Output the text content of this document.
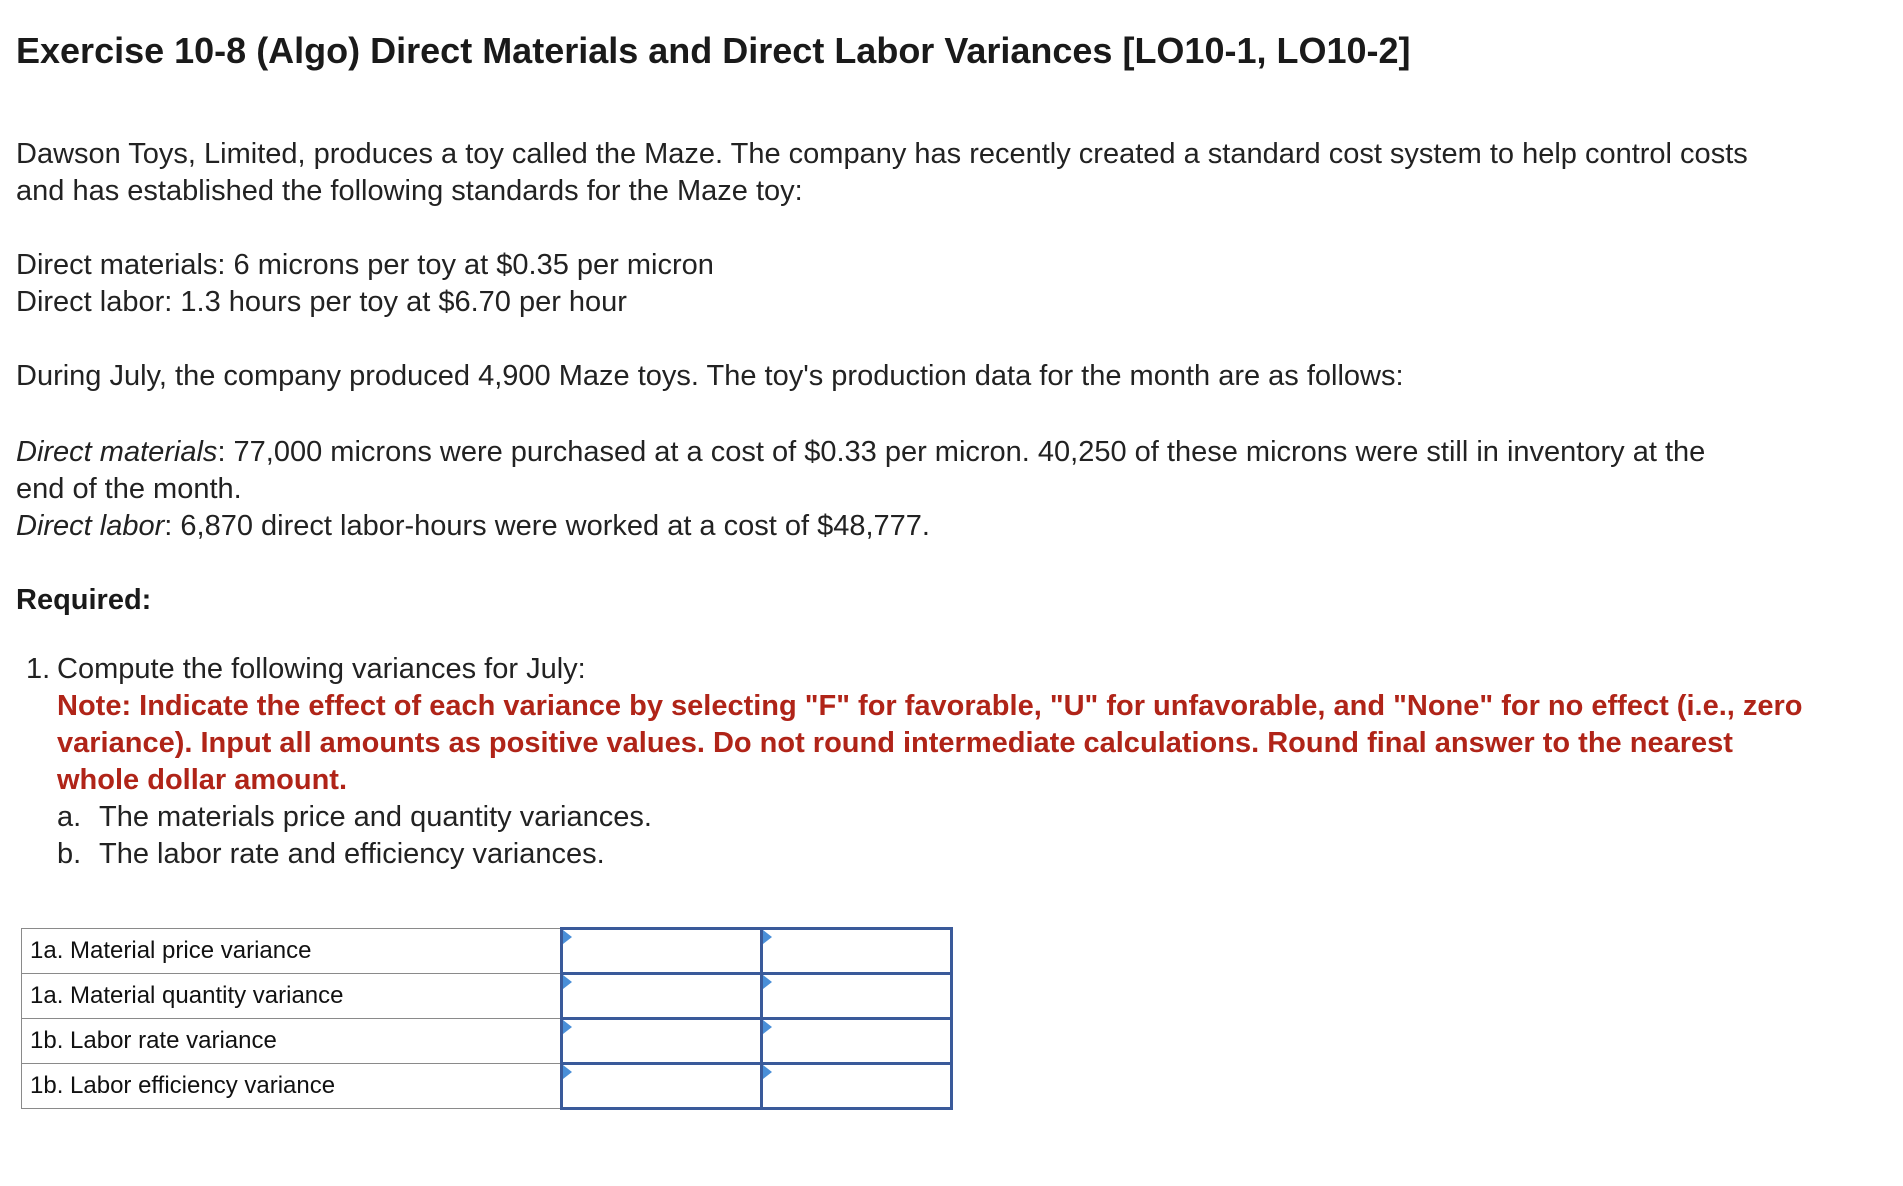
Exercise 10-8 (Algo) Direct Materials and Direct Labor Variances [LO10-1, LO10-2]

Dawson Toys, Limited, produces a toy called the Maze. The company has recently created a standard cost system to help control costs
and has established the following standards for the Maze toy:

Direct materials: 6 microns per toy at $0.35 per micron
Direct labor: 1.3 hours per toy at $6.70 per hour

During July, the company produced 4,900 Maze toys. The toy's production data for the month are as follows:

Direct materials: 77,000 microns were purchased at a cost of $0.33 per micron. 40,250 of these microns were still in inventory at the
end of the month.
Direct labor: 6,870 direct labor-hours were worked at a cost of $48,777.

Required:

1. Compute the following variances for July:
Note: Indicate the effect of each variance by selecting "F" for favorable, "U" for unfavorable, and "None" for no effect (i.e., zero
variance). Input all amounts as positive values. Do not round intermediate calculations. Round final answer to the nearest
whole dollar amount.
a. The materials price and quantity variances.
b. The labor rate and efficiency variances.
1a. Material price variance	

1a. Material quantity variance	

1b. Labor rate variance	

1b. Labor efficiency variance	
